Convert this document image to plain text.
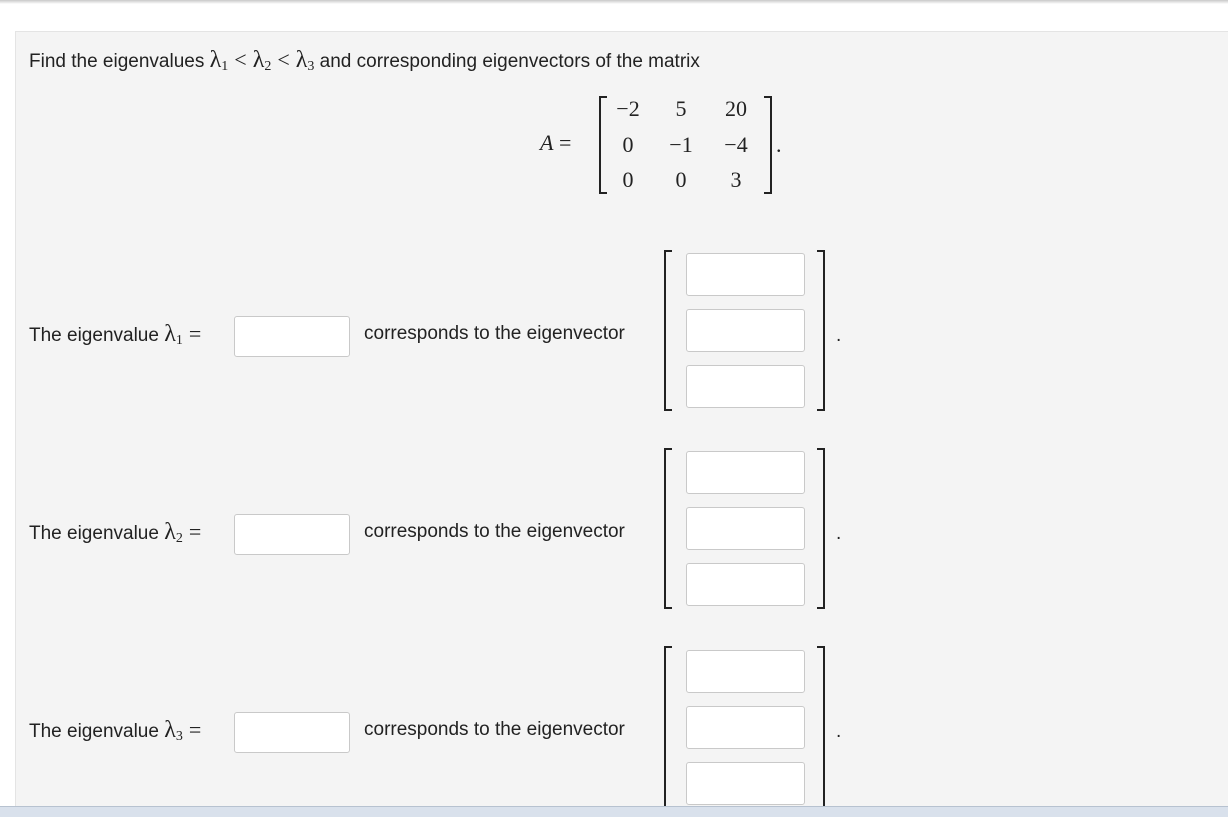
Find the eigenvalues $\lambda_1 < \lambda_2 < \lambda_3$ and corresponding eigenvectors of the matrix
A =
−2	5	20
0	−1	−4
0	0	3
.
The eigenvalue $\lambda_1$ =	corresponds to the eigenvector	.
The eigenvalue $\lambda_2$ =	corresponds to the eigenvector	.
The eigenvalue $\lambda_3$ =	corresponds to the eigenvector	.
